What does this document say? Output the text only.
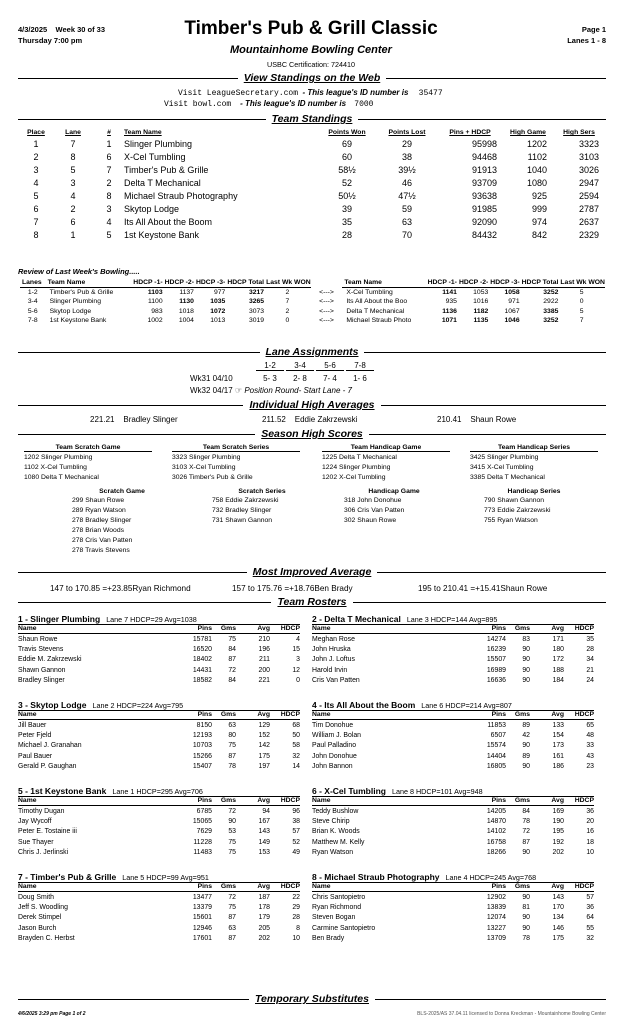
4/3/2025 Week 30 of 33
Thursday 7:00 pm
Timber's Pub & Grill Classic	Page 1
Lanes 1 - 8
Mountainhome Bowling Center
USBC Certification: 724410
View Standings on the Web
Visit LeagueSecretary.com - This league's ID number is 35477
Visit bowl.com - This league's ID number is 7000
Team Standings
Place	Lane	#	Team Name	Points Won	Points Lost	Pins + HDCP	High Game	High Sers
1	7	1	Slinger Plumbing	69	29	95998	1202	3323
2	8	6	X-Cel Tumbling	60	38	94468	1102	3103
3	5	7	Timber's Pub & Grille	58½	39½	91913	1040	3026
4	3	2	Delta T Mechanical	52	46	93709	1080	2947
5	4	8	Michael Straub Photography	50½	47½	93638	925	2594
6	2	3	Skytop Lodge	39	59	91985	999	2787
7	6	4	Its All About the Boom	35	63	92090	974	2637
8	1	5	1st Keystone Bank	28	70	84432	842	2329
Review of Last Week's Bowling.....
Lanes	Team Name	HDCP -1-	HDCP -2-	HDCP -3-	HDCP Total	Last Wk WON		Team Name	HDCP -1-	HDCP -2-	HDCP -3-	HDCP Total	Last Wk WON
1-2	Timber's Pub & Grille	1103	1137	977	3217	2	<--->	X-Cel Tumbling	1141	1053	1058	3252	5
3-4	Slinger Plumbing	1100	1130	1035	3265	7	<--->	Its All About the Boo	935	1016	971	2922	0
5-6	Skytop Lodge	983	1018	1072	3073	2	<--->	Delta T Mechanical	1136	1182	1067	3385	5
7-8	1st Keystone Bank	1002	1004	1013	3019	0	<--->	Michael Straub Photo	1071	1135	1046	3252	7
Lane Assignments
1-2	3-4	5-6	7-8
Wk31 04/10	5- 3	2- 8	7- 4	1- 6
Wk32 04/17 ☞ Position Round- Start Lane - 7
Individual High Averages
221.21 Bradley Slinger	211.52 Eddie Zakrzewski	210.41 Shaun Rowe
Season High Scores
Team Scratch Game
1202 Slinger Plumbing
1102 X-Cel Tumbling
1080 Delta T Mechanical
Team Scratch Series
3323 Slinger Plumbing
3103 X-Cel Tumbling
3026 Timber's Pub & Grille
Team Handicap Game
1225 Delta T Mechanical
1224 Slinger Plumbing
1202 X-Cel Tumbling
Team Handicap Series
3425 Slinger Plumbing
3415 X-Cel Tumbling
3385 Delta T Mechanical
Scratch Game
299 Shaun Rowe
289 Ryan Watson
278 Bradley Slinger
278 Brian Woods
278 Cris Van Patten
278 Travis Stevens
Scratch Series
758 Eddie Zakrzewski
732 Bradley Slinger
731 Shawn Gannon
Handicap Game
318 John Donohue
306 Cris Van Patten
302 Shaun Rowe
Handicap Series
790 Shawn Gannon
773 Eddie Zakrzewski
755 Ryan Watson
Most Improved Average
147 to 170.85 =+23.85Ryan Richmond	157 to 175.76 =+18.76Ben Brady	195 to 210.41 =+15.41Shaun Rowe
Team Rosters
1 - Slinger Plumbing Lane 7 HDCP=29 Avg=1038
Name	Pins	Gms	Avg	HDCP
Shaun Rowe	15781	75	210	4
Travis Stevens	16520	84	196	15
Eddie M. Zakrzewski	18402	87	211	3
Shawn Gannon	14431	72	200	12
Bradley Slinger	18582	84	221	0
2 - Delta T Mechanical Lane 3 HDCP=144 Avg=895
Name	Pins	Gms	Avg	HDCP
Meghan Rose	14274	83	171	35
John Hruska	16239	90	180	28
John J. Loftus	15507	90	172	34
Harold Irvin	16989	90	188	21
Cris Van Patten	16636	90	184	24
3 - Skytop Lodge Lane 2 HDCP=224 Avg=795
Name	Pins	Gms	Avg	HDCP
Jill Bauer	8150	63	129	68
Peter Fjeld	12193	80	152	50
Michael J. Granahan	10703	75	142	58
Paul Bauer	15266	87	175	32
Gerald P. Gaughan	15407	78	197	14
4 - Its All About the Boom Lane 6 HDCP=214 Avg=807
Name	Pins	Gms	Avg	HDCP
Tim Donohue	11853	89	133	65
William J. Bolan	6507	42	154	48
Paul Palladino	15574	90	173	33
John Donohue	14404	89	161	43
John Bannon	16805	90	186	23
5 - 1st Keystone Bank Lane 1 HDCP=295 Avg=706
Name	Pins	Gms	Avg	HDCP
Timothy Dugan	6785	72	94	96
Jay Wycoff	15065	90	167	38
Peter E. Tostaine iii	7629	53	143	57
Sue Thayer	11228	75	149	52
Chris J. Jerlinski	11483	75	153	49
6 - X-Cel Tumbling Lane 8 HDCP=101 Avg=948
Name	Pins	Gms	Avg	HDCP
Teddy Bushlow	14205	84	169	36
Steve Chirip	14870	78	190	20
Brian K. Woods	14102	72	195	16
Matthew M. Kelly	16758	87	192	18
Ryan Watson	18266	90	202	10
7 - Timber's Pub & Grille Lane 5 HDCP=99 Avg=951
Name	Pins	Gms	Avg	HDCP
Doug Smith	13477	72	187	22
Jeff S. Woodling	13379	75	178	29
Derek Stimpel	15601	87	179	28
Jason Burch	12946	63	205	8
Brayden C. Herbst	17601	87	202	10
8 - Michael Straub Photography Lane 4 HDCP=245 Avg=768
Name	Pins	Gms	Avg	HDCP
Chris Santopietro	12902	90	143	57
Ryan Richmond	13839	81	170	36
Steven Bogan	12074	90	134	64
Carmine Santopietro	13227	90	146	55
Ben Brady	13709	78	175	32
Temporary Substitutes
4/6/2025 3:29 pm Page 1 of 2	BLS-2025/AS 37.04.11 licensed to Donna Kreckman - Mountainhome Bowling Center
